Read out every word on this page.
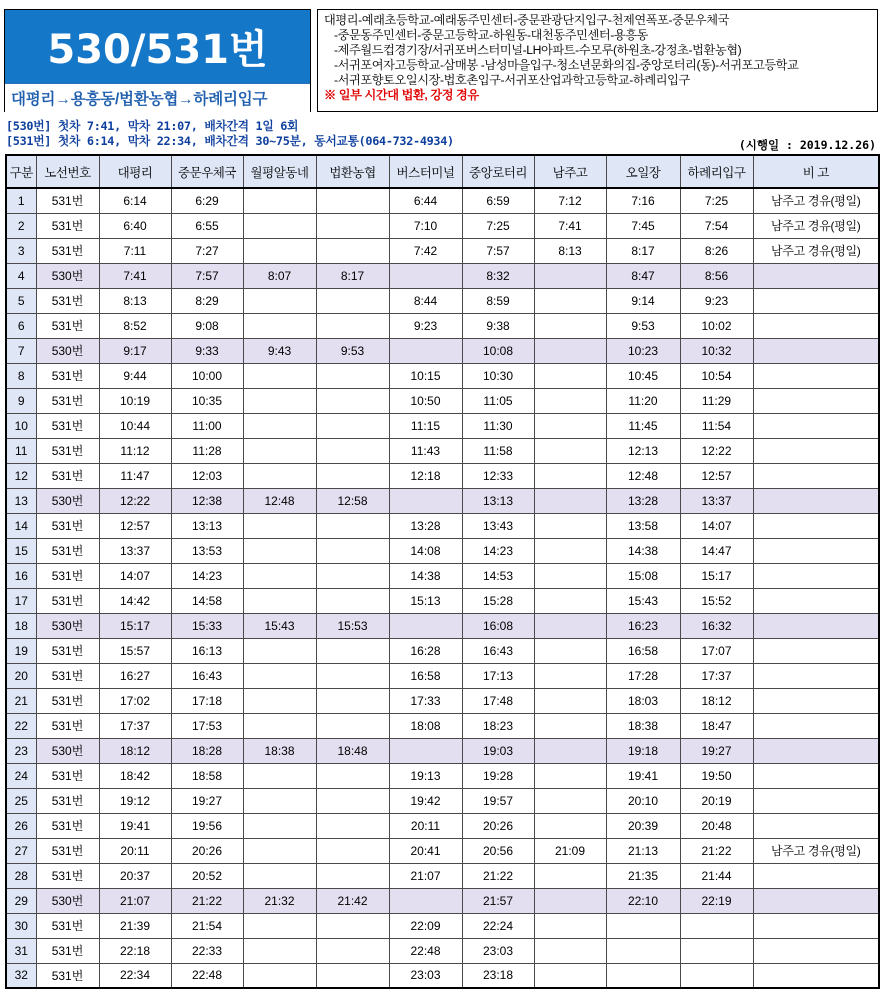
530/531번
대평리→용흥동/법환농협→하례리입구
대평리-예래초등학교-예래동주민센터-중문관광단지입구-천제연폭포-중문우체국
-중문동주민센터-중문고등학교-하원동-대천동주민센터-용흥동
-제주월드컵경기장/서귀포버스터미널-LH아파트-수모루(하원초-강정초-법환농협)
-서귀포여자고등학교-삼매봉 -남성마을입구-청소년문화의집-중앙로터리(동)-서귀포고등학교
-서귀포향토오일시장-법호촌입구-서귀포산업과학고등학교-하례리입구
※ 일부 시간대 법환, 강정 경유
[530번] 첫차 7:41, 막차 21:07, 배차간격 1일 6회
[531번] 첫차 6:14, 막차 22:34, 배차간격 30~75분, 동서교통(064-732-4934)	(시행일 : 2019.12.26)
구분	노선번호	대평리	중문우체국	월평알동네	법환농협	버스터미널	중앙로터리	남주고	오일장	하례리입구	비 고
1	531번	6:14	6:29			6:44	6:59	7:12	7:16	7:25	남주고 경유(평일)
2	531번	6:40	6:55			7:10	7:25	7:41	7:45	7:54	남주고 경유(평일)
3	531번	7:11	7:27			7:42	7:57	8:13	8:17	8:26	남주고 경유(평일)
4	530번	7:41	7:57	8:07	8:17		8:32		8:47	8:56	
5	531번	8:13	8:29			8:44	8:59		9:14	9:23	
6	531번	8:52	9:08			9:23	9:38		9:53	10:02	
7	530번	9:17	9:33	9:43	9:53		10:08		10:23	10:32	
8	531번	9:44	10:00			10:15	10:30		10:45	10:54	
9	531번	10:19	10:35			10:50	11:05		11:20	11:29	
10	531번	10:44	11:00			11:15	11:30		11:45	11:54	
11	531번	11:12	11:28			11:43	11:58		12:13	12:22	
12	531번	11:47	12:03			12:18	12:33		12:48	12:57	
13	530번	12:22	12:38	12:48	12:58		13:13		13:28	13:37	
14	531번	12:57	13:13			13:28	13:43		13:58	14:07	
15	531번	13:37	13:53			14:08	14:23		14:38	14:47	
16	531번	14:07	14:23			14:38	14:53		15:08	15:17	
17	531번	14:42	14:58			15:13	15:28		15:43	15:52	
18	530번	15:17	15:33	15:43	15:53		16:08		16:23	16:32	
19	531번	15:57	16:13			16:28	16:43		16:58	17:07	
20	531번	16:27	16:43			16:58	17:13		17:28	17:37	
21	531번	17:02	17:18			17:33	17:48		18:03	18:12	
22	531번	17:37	17:53			18:08	18:23		18:38	18:47	
23	530번	18:12	18:28	18:38	18:48		19:03		19:18	19:27	
24	531번	18:42	18:58			19:13	19:28		19:41	19:50	
25	531번	19:12	19:27			19:42	19:57		20:10	20:19	
26	531번	19:41	19:56			20:11	20:26		20:39	20:48	
27	531번	20:11	20:26			20:41	20:56	21:09	21:13	21:22	남주고 경유(평일)
28	531번	20:37	20:52			21:07	21:22		21:35	21:44	
29	530번	21:07	21:22	21:32	21:42		21:57		22:10	22:19	
30	531번	21:39	21:54			22:09	22:24				
31	531번	22:18	22:33			22:48	23:03				
32	531번	22:34	22:48			23:03	23:18				
